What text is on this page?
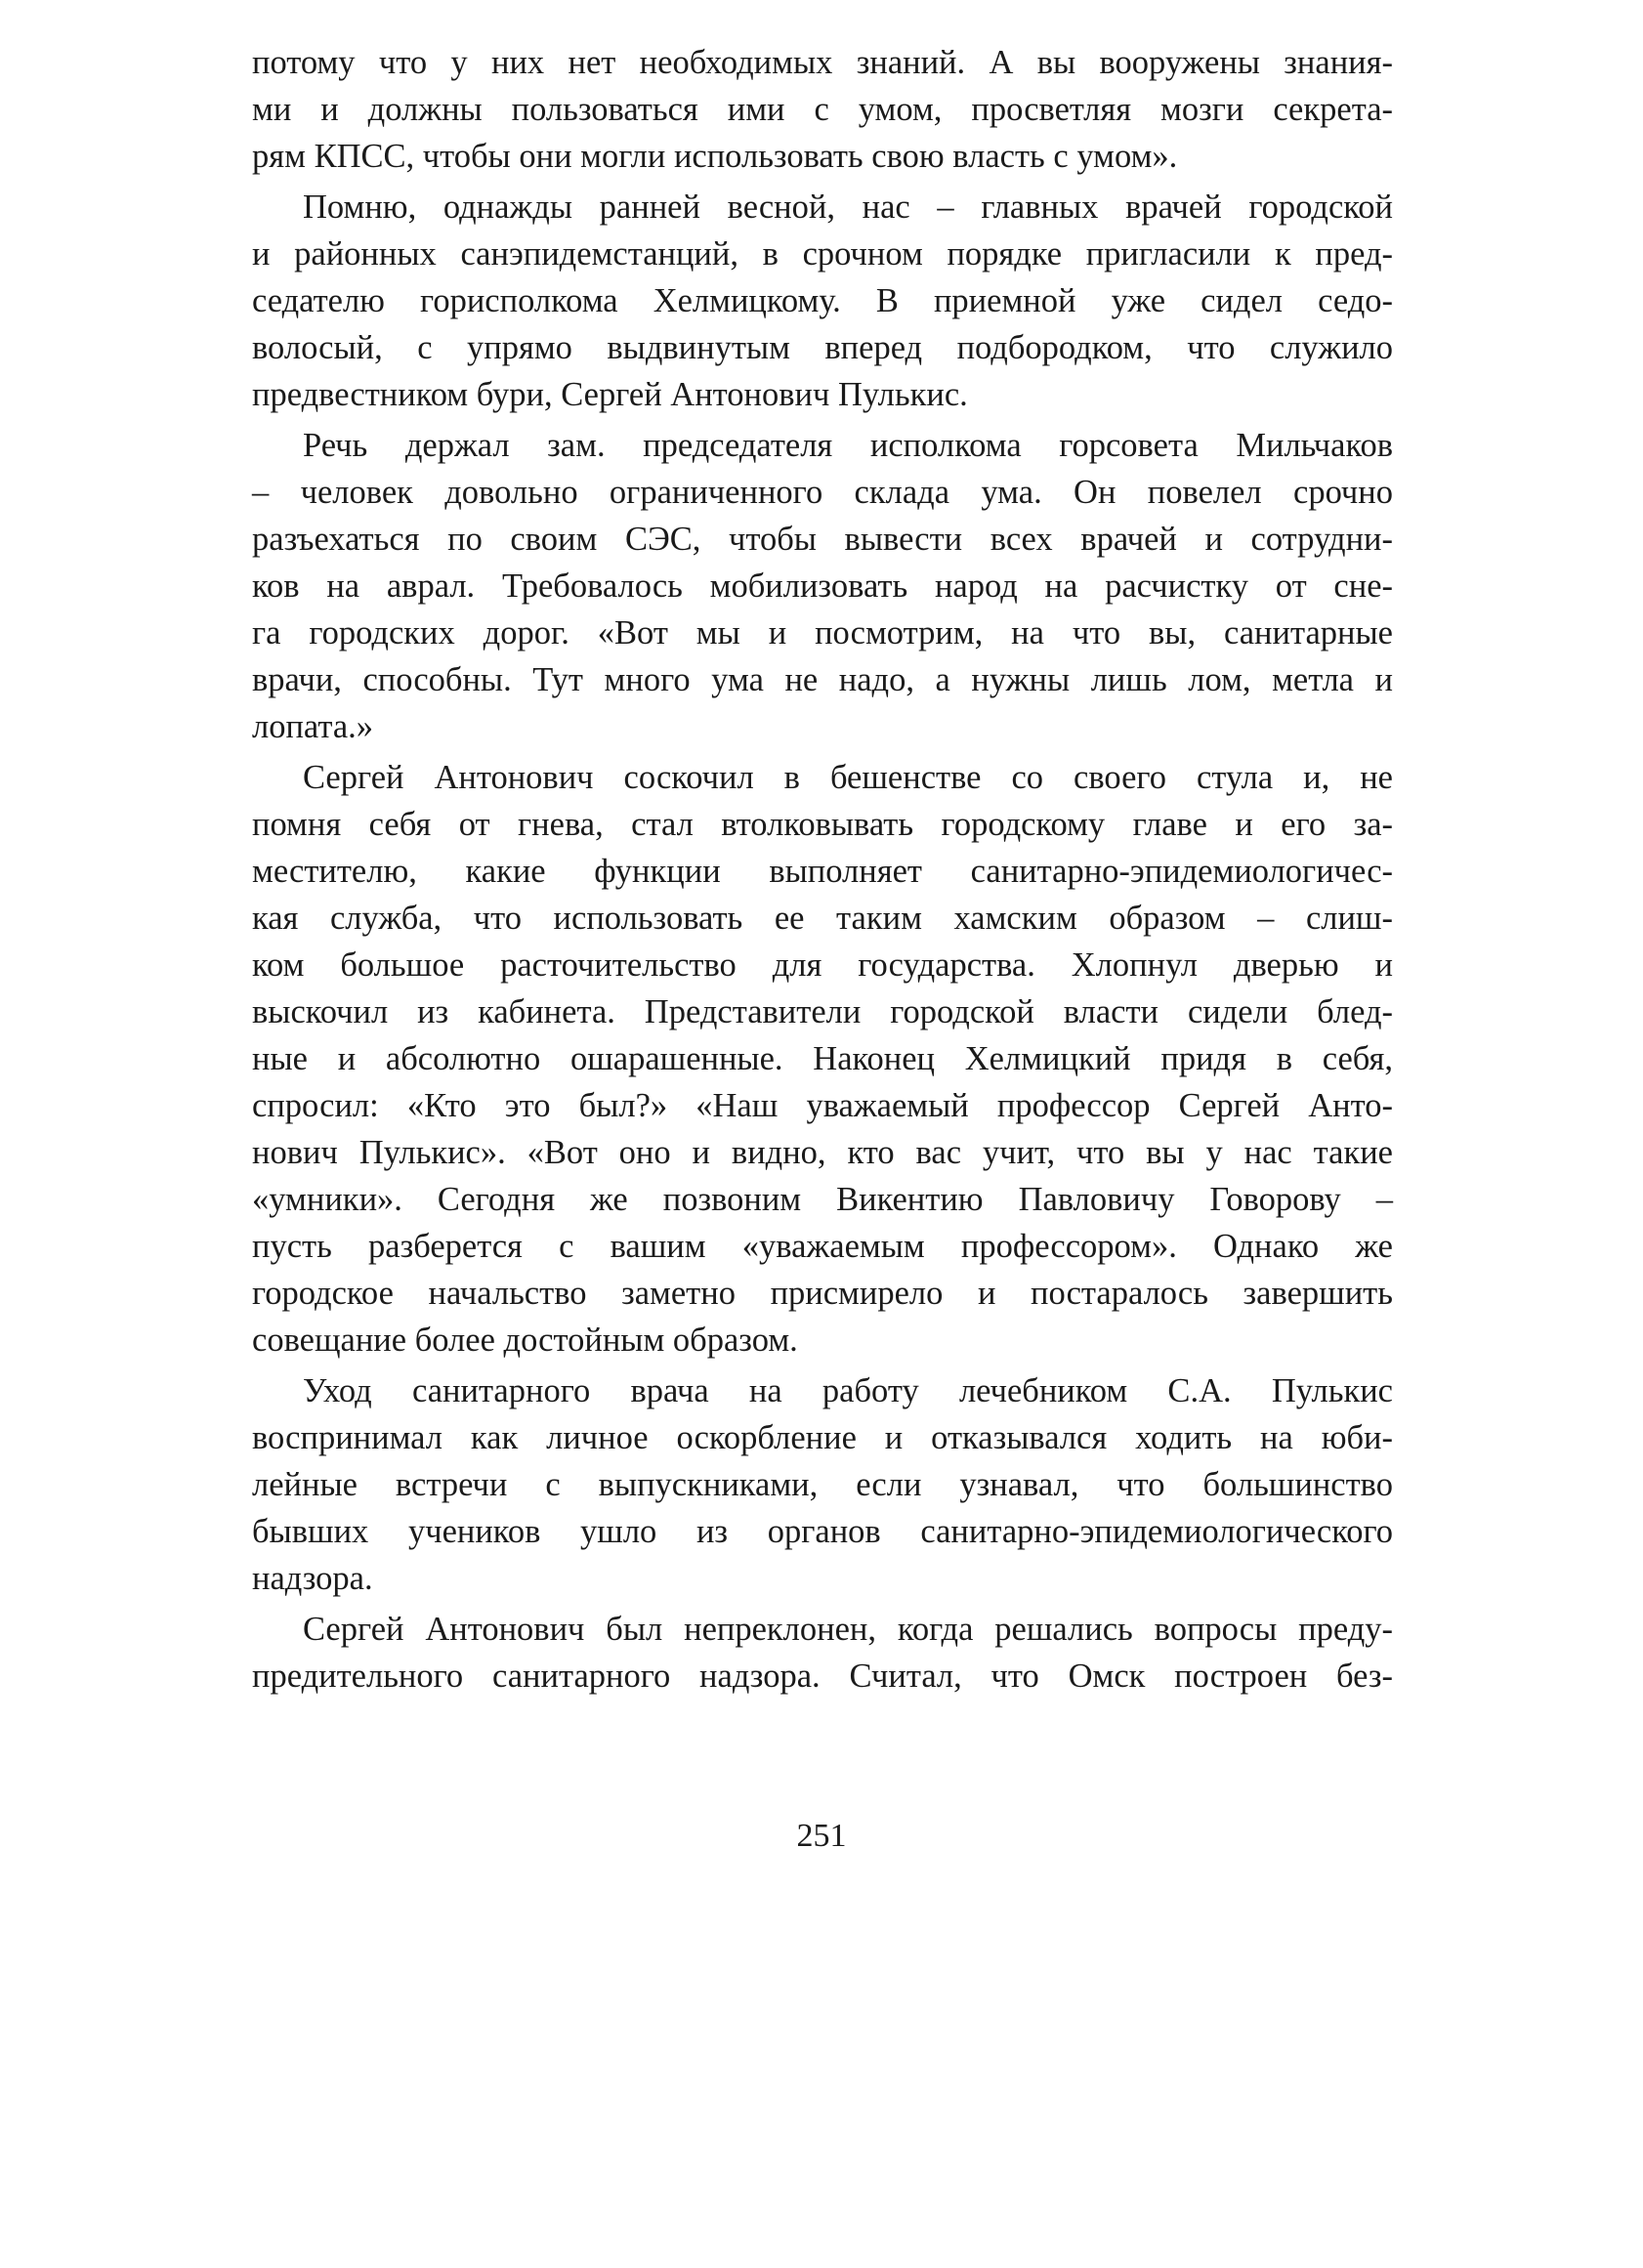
потому что у них нет необходимых знаний. А вы вооружены знания-
ми и должны пользоваться ими с умом, просветляя мозги секрета-
рям КПСС, чтобы они могли использовать свою власть с умом».
Помню, однажды ранней весной, нас – главных врачей городской
и районных санэпидемстанций, в срочном порядке пригласили к пред-
седателю горисполкома Хелмицкому. В приемной уже сидел седо-
волосый, с упрямо выдвинутым вперед подбородком, что служило
предвестником бури, Сергей Антонович Пулькис.
Речь держал зам. председателя исполкома горсовета Мильчаков
– человек довольно ограниченного склада ума. Он повелел срочно
разъехаться по своим СЭС, чтобы вывести всех врачей и сотрудни-
ков на аврал. Требовалось мобилизовать народ на расчистку от сне-
га городских дорог. «Вот мы и посмотрим, на что вы, санитарные
врачи, способны. Тут много ума не надо, а нужны лишь лом, метла и
лопата.»
Сергей Антонович соскочил в бешенстве со своего стула и, не
помня себя от гнева, стал втолковывать городскому главе и его за-
местителю, какие функции выполняет санитарно-эпидемиологичес-
кая служба, что использовать ее таким хамским образом – слиш-
ком большое расточительство для государства. Хлопнул дверью и
выскочил из кабинета. Представители городской власти сидели блед-
ные и абсолютно ошарашенные. Наконец Хелмицкий придя в себя,
спросил: «Кто это был?» «Наш уважаемый профессор Сергей Анто-
нович Пулькис». «Вот оно и видно, кто вас учит, что вы у нас такие
«умники». Сегодня же позвоним Викентию Павловичу Говорову –
пусть разберется с вашим «уважаемым профессором». Однако же
городское начальство заметно присмирело и постаралось завершить
совещание более достойным образом.
Уход санитарного врача на работу лечебником С.А. Пулькис
воспринимал как личное оскорбление и отказывался ходить на юби-
лейные встречи с выпускниками, если узнавал, что большинство
бывших учеников ушло из органов санитарно-эпидемиологического
надзора.
Сергей Антонович был непреклонен, когда решались вопросы преду-
предительного санитарного надзора. Считал, что Омск построен без-
251
